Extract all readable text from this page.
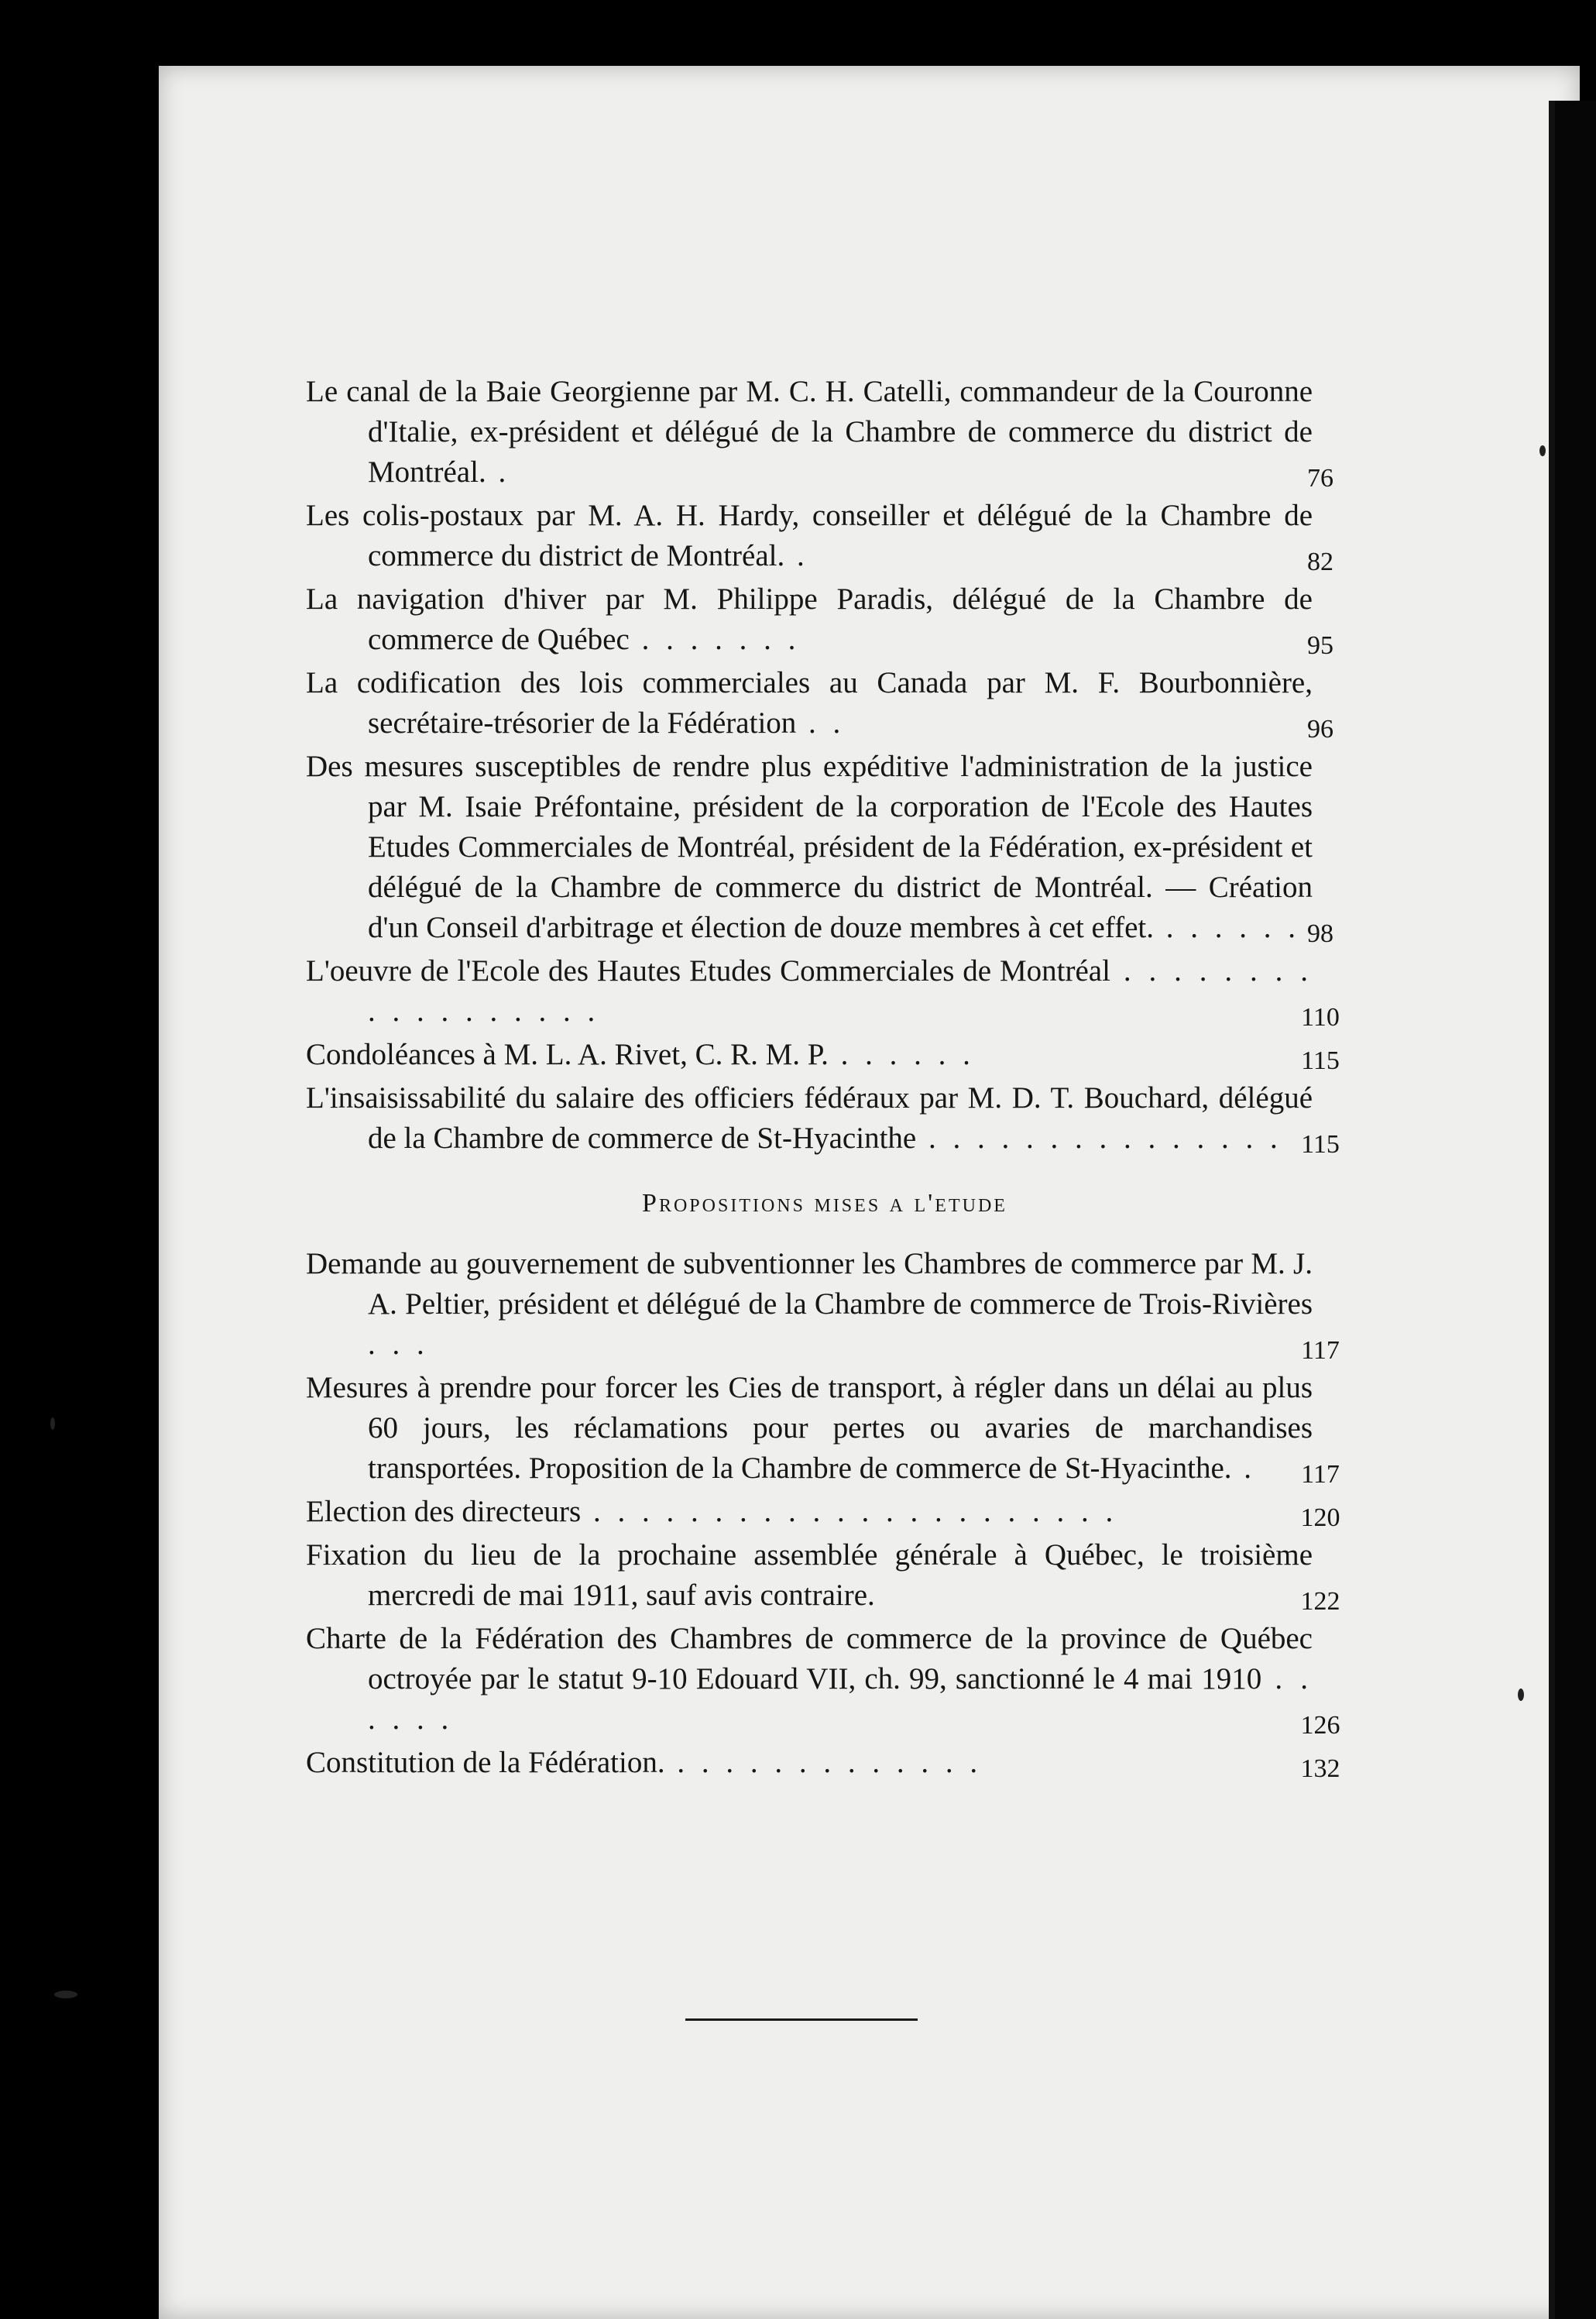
Le canal de la Baie Georgienne par M. C. H. Catelli, commandeur de la Couronne d'Italie, ex-président et délégué de la Chambre de commerce du district de Montréal. .	76
Les colis-postaux par M. A. H. Hardy, conseiller et délégué de la Chambre de commerce du district de Montréal. .	82
La navigation d'hiver par M. Philippe Paradis, délégué de la Chambre de commerce de Québec . . . . . . .	95
La codification des lois commerciales au Canada par M. F. Bourbonnière, secrétaire-trésorier de la Fédération . .	96
Des mesures susceptibles de rendre plus expéditive l'administration de la justice par M. Isaie Préfontaine, président de la corporation de l'Ecole des Hautes Etudes Commerciales de Montréal, président de la Fédération, ex-président et délégué de la Chambre de commerce du district de Montréal. — Création d'un Conseil d'arbitrage et élection de douze membres à cet effet. . . . . . . 98
L'oeuvre de l'Ecole des Hautes Etudes Commerciales de Montréal . . . . . . . . . . . . . . . . . .	110
Condoléances à M. L. A. Rivet, C. R. M. P. . . . . . .	115
L'insaisissabilité du salaire des officiers fédéraux par M. D. T. Bouchard, délégué de la Chambre de commerce de St-Hyacinthe . . . . . . . . . . . . . . . 115
Propositions mises a l'etude
Demande au gouvernement de subventionner les Chambres de commerce par M. J. A. Peltier, président et délégué de la Chambre de commerce de Trois-Rivières . . .	117
Mesures à prendre pour forcer les Cies de transport, à régler dans un délai au plus 60 jours, les réclamations pour pertes ou avaries de marchandises transportées. Proposition de la Chambre de commerce de St-Hyacinthe. .	117
Election des directeurs . . . . . . . . . . . . . . . . . . . . . .	120
Fixation du lieu de la prochaine assemblée générale à Québec, le troisième mercredi de mai 1911, sauf avis contraire.	122
Charte de la Fédération des Chambres de commerce de la province de Québec octroyée par le statut 9-10 Edouard VII, ch. 99, sanctionné le 4 mai 1910 . . . . . .	126
Constitution de la Fédération. . . . . . . . . . . . . .	132
